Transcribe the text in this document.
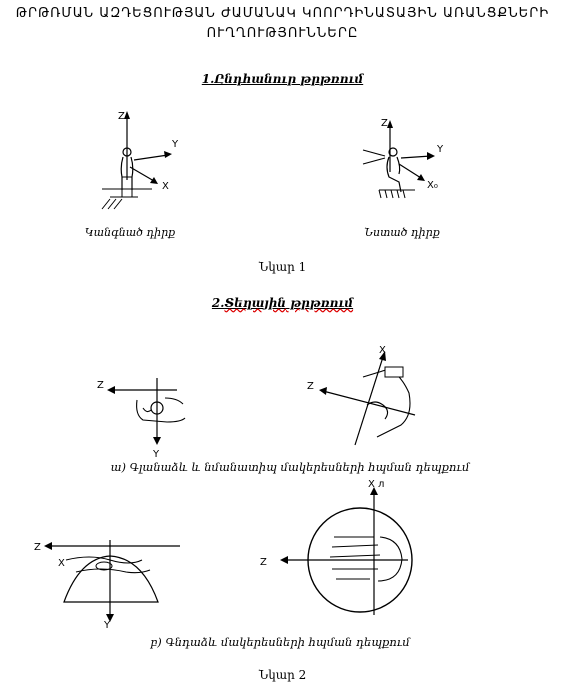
ԹՐԹՌՄԱՆ ԱԶԴԵՑՈՒԹՅԱՆ ԺԱՄԱՆԱԿ ԿՈՈՐԴԻՆԱՏԱՅԻՆ ԱՌԱՆՑՔՆԵՐԻ
ՈՒՂՂՈՒԹՅՈՒՆՆԵՐԸ
1.Ընդհանուր թրթռում
Z
Y
X
Կանգնած դիրք
Z
Y
X₀
Նստած դիրք
Նկար 1
2.Տեղային թրթռում
Z
Y
X
Z
ա) Գլանաձև և նմանատիպ մակերեսների հպման դեպքում
Z
Y
X
X л
Z
բ) Գնդաձև մակերեսների հպման դեպքում
Նկար 2
